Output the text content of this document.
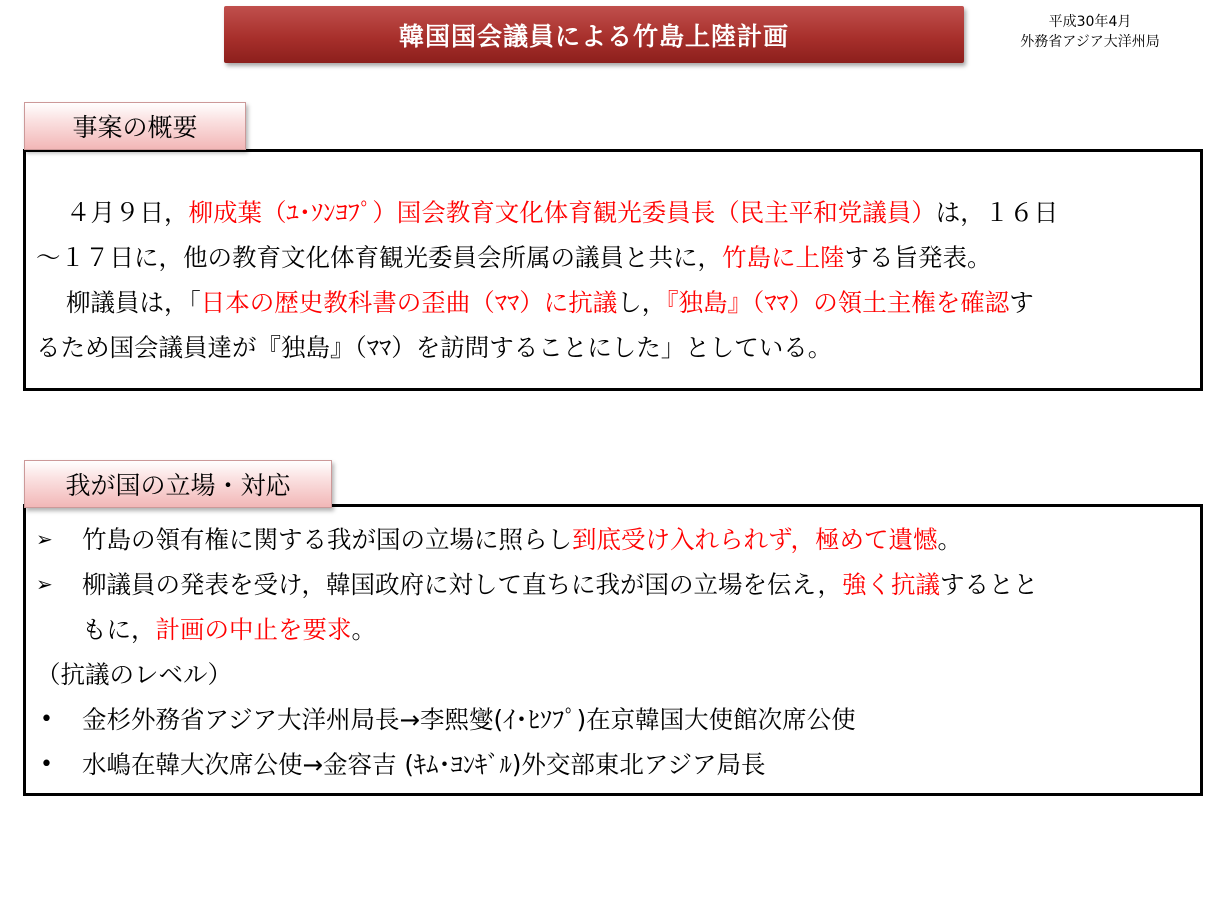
韓国国会議員による竹島上陸計画	平成30年4月
外務省アジア大洋州局
４月９日，柳成葉（ﾕ･ｿﾝﾖﾌﾟ）国会教育文化体育観光委員長（民主平和党議員）は，１６日
～１７日に，他の教育文化体育観光委員会所属の議員と共に，竹島に上陸する旨発表。
柳議員は，「日本の歴史教科書の歪曲（ﾏﾏ）に抗議し，『独島』（ﾏﾏ）の領土主権を確認す
るため国会議員達が『独島』（ﾏﾏ）を訪問することにした」としている。
事案の概要
➢	竹島の領有権に関する我が国の立場に照らし到底受け入れられず，極めて遺憾。
➢	柳議員の発表を受け，韓国政府に対して直ちに我が国の立場を伝え，強く抗議するとと
もに，計画の中止を要求。
（抗議のレベル）
•	金杉外務省アジア大洋州局長→李熙燮(ｲ･ﾋｿﾌﾟ)在京韓国大使館次席公使
•	水嶋在韓大次席公使→金容吉 (ｷﾑ･ﾖﾝｷﾞﾙ)外交部東北アジア局長
我が国の立場・対応
